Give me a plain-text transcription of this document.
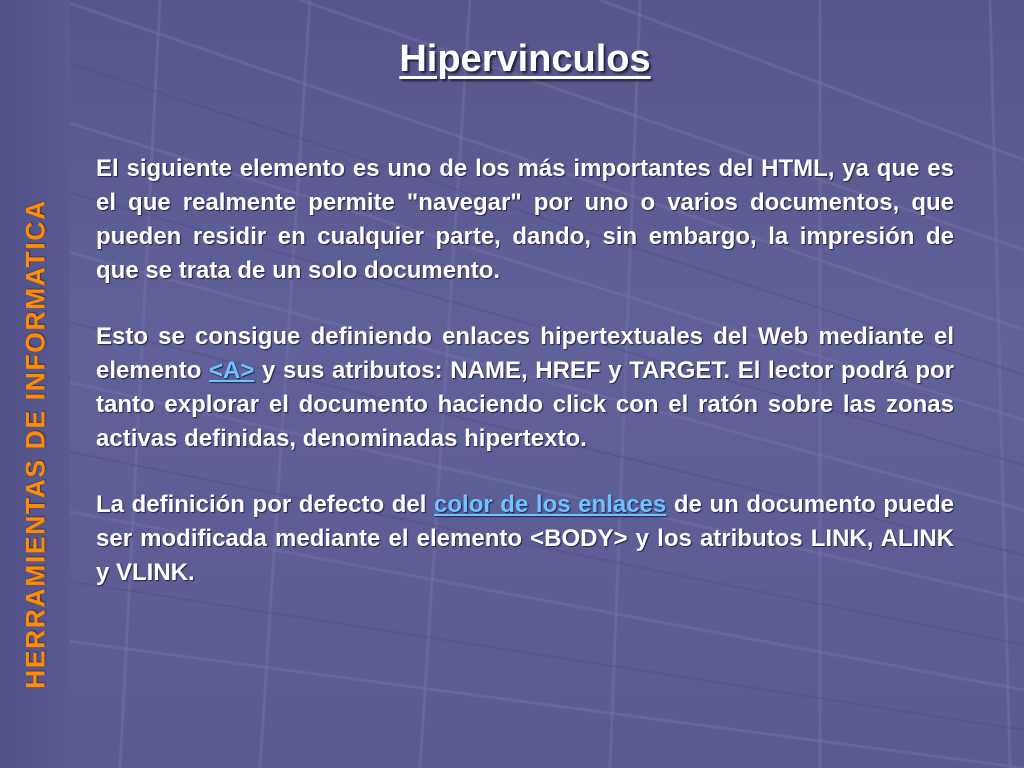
HERRAMIENTAS DE INFORMATICA
Hipervinculos

El siguiente elemento es uno de los más importantes del HTML, ya que es el que realmente permite "navegar" por uno o varios documentos, que pueden residir en cualquier parte, dando, sin embargo, la impresión de que se trata de un solo documento.

Esto se consigue definiendo enlaces hipertextuales del Web mediante el elemento <A> y sus atributos: NAME, HREF y TARGET. El lector podrá por tanto explorar el documento haciendo click con el ratón sobre las zonas activas definidas, denominadas hipertexto.

La definición por defecto del color de los enlaces de un documento puede ser modificada mediante el elemento <BODY> y los atributos LINK, ALINK y VLINK.
